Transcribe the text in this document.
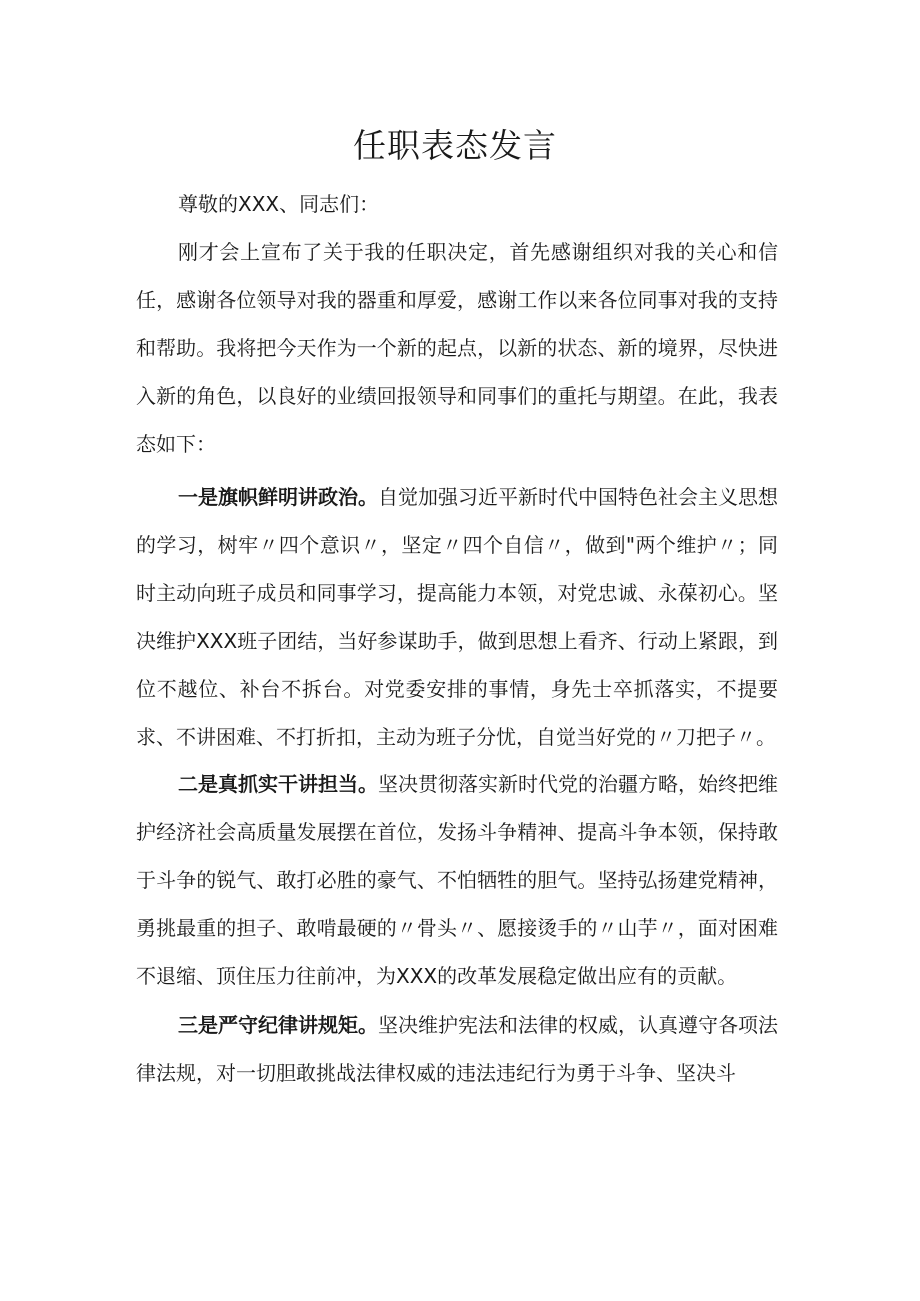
任职表态发言
尊敬的XXX、同志们：

刚才会上宣布了关于我的任职决定，首先感谢组织对我的关心和信任，感谢各位领导对我的器重和厚爱，感谢工作以来各位同事对我的支持和帮助。我将把今天作为一个新的起点，以新的状态、新的境界，尽快进入新的角色，以良好的业绩回报领导和同事们的重托与期望。在此，我表态如下：

一是旗帜鲜明讲政治。自觉加强习近平新时代中国特色社会主义思想的学习，树牢〃四个意识〃，坚定〃四个自信〃，做到"两个维护〃；同时主动向班子成员和同事学习，提高能力本领，对党忠诚、永葆初心。坚决维护XXX班子团结，当好参谋助手，做到思想上看齐、行动上紧跟，到位不越位、补台不拆台。对党委安排的事情，身先士卒抓落实，不提要求、不讲困难、不打折扣，主动为班子分忧，自觉当好党的〃刀把子〃。

二是真抓实干讲担当。坚决贯彻落实新时代党的治疆方略，始终把维护经济社会高质量发展摆在首位，发扬斗争精神、提高斗争本领，保持敢于斗争的锐气、敢打必胜的豪气、不怕牺牲的胆气。坚持弘扬建党精神，勇挑最重的担子、敢啃最硬的〃骨头〃、愿接烫手的〃山芋〃，面对困难不退缩、顶住压力往前冲，为XXX的改革发展稳定做出应有的贡献。

三是严守纪律讲规矩。坚决维护宪法和法律的权威，认真遵守各项法律法规，对一切胆敢挑战法律权威的违法违纪行为勇于斗争、坚决斗
